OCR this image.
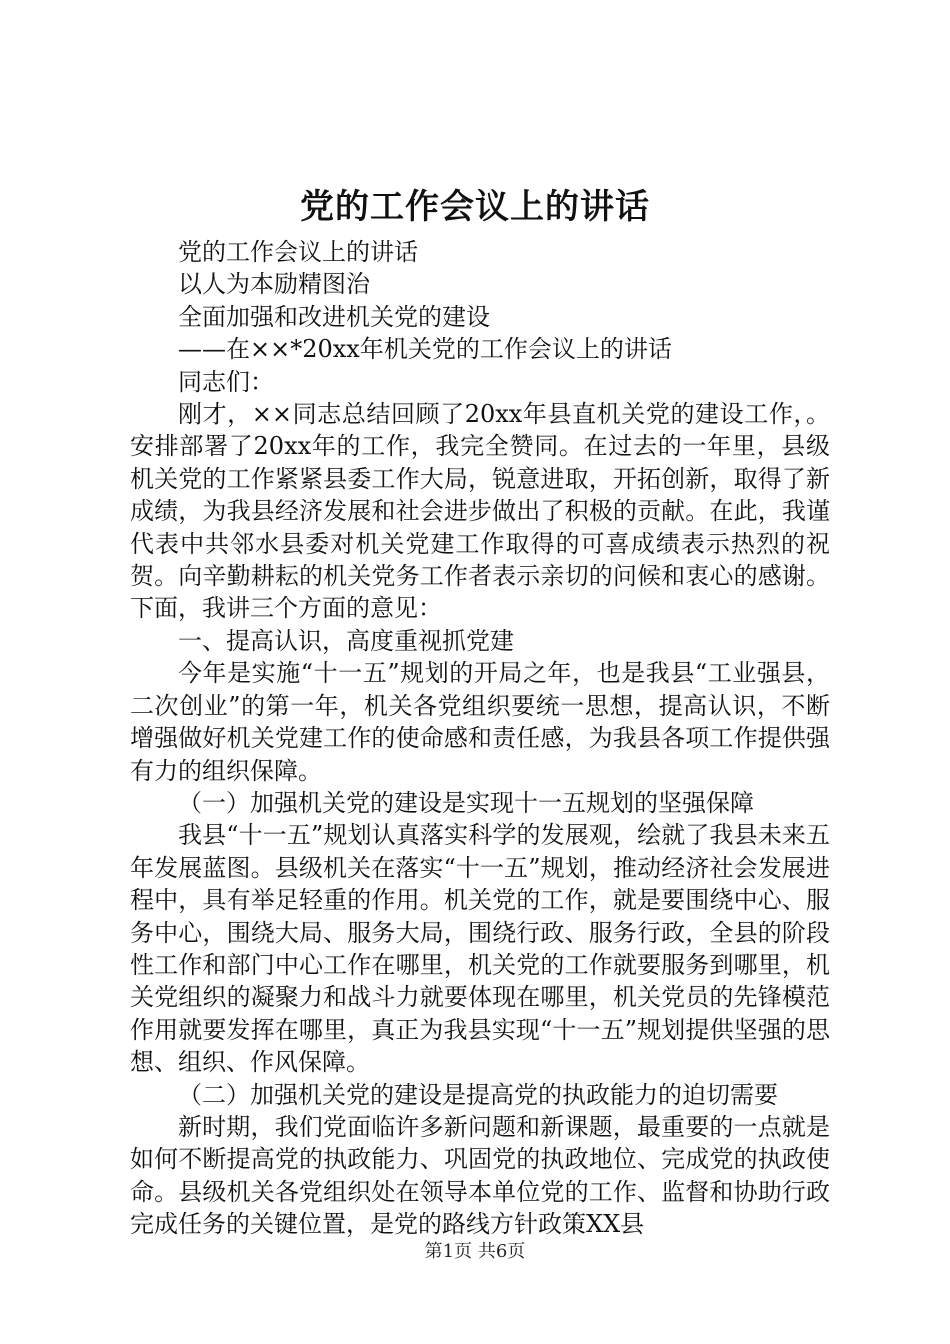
党的工作会议上的讲话

党的工作会议上的讲话

以人为本励精图治

全面加强和改进机关党的建设

——在××*20xx年机关党的工作会议上的讲话

同志们：

刚才，××同志总结回顾了20xx年县直机关党的建设工作，。安排部署了20xx年的工作，我完全赞同。在过去的一年里，县级机关党的工作紧紧县委工作大局，锐意进取，开拓创新，取得了新成绩，为我县经济发展和社会进步做出了积极的贡献。在此，我谨代表中共邻水县委对机关党建工作取得的可喜成绩表示热烈的祝贺。向辛勤耕耘的机关党务工作者表示亲切的问候和衷心的感谢。下面，我讲三个方面的意见：

一、提高认识，高度重视抓党建

今年是实施“十一五”规划的开局之年，也是我县“工业强县，二次创业”的第一年，机关各党组织要统一思想，提高认识，不断增强做好机关党建工作的使命感和责任感，为我县各项工作提供强有力的组织保障。

（一）加强机关党的建设是实现十一五规划的坚强保障

我县“十一五”规划认真落实科学的发展观，绘就了我县未来五年发展蓝图。县级机关在落实“十一五”规划，推动经济社会发展进程中，具有举足轻重的作用。机关党的工作，就是要围绕中心、服务中心，围绕大局、服务大局，围绕行政、服务行政，全县的阶段性工作和部门中心工作在哪里，机关党的工作就要服务到哪里，机关党组织的凝聚力和战斗力就要体现在哪里，机关党员的先锋模范作用就要发挥在哪里，真正为我县实现“十一五”规划提供坚强的思想、组织、作风保障。

（二）加强机关党的建设是提高党的执政能力的迫切需要

新时期，我们党面临许多新问题和新课题，最重要的一点就是如何不断提高党的执政能力、巩固党的执政地位、完成党的执政使命。县级机关各党组织处在领导本单位党的工作、监督和协助行政完成任务的关键位置，是党的路线方针政策XX县

第1页 共6页
